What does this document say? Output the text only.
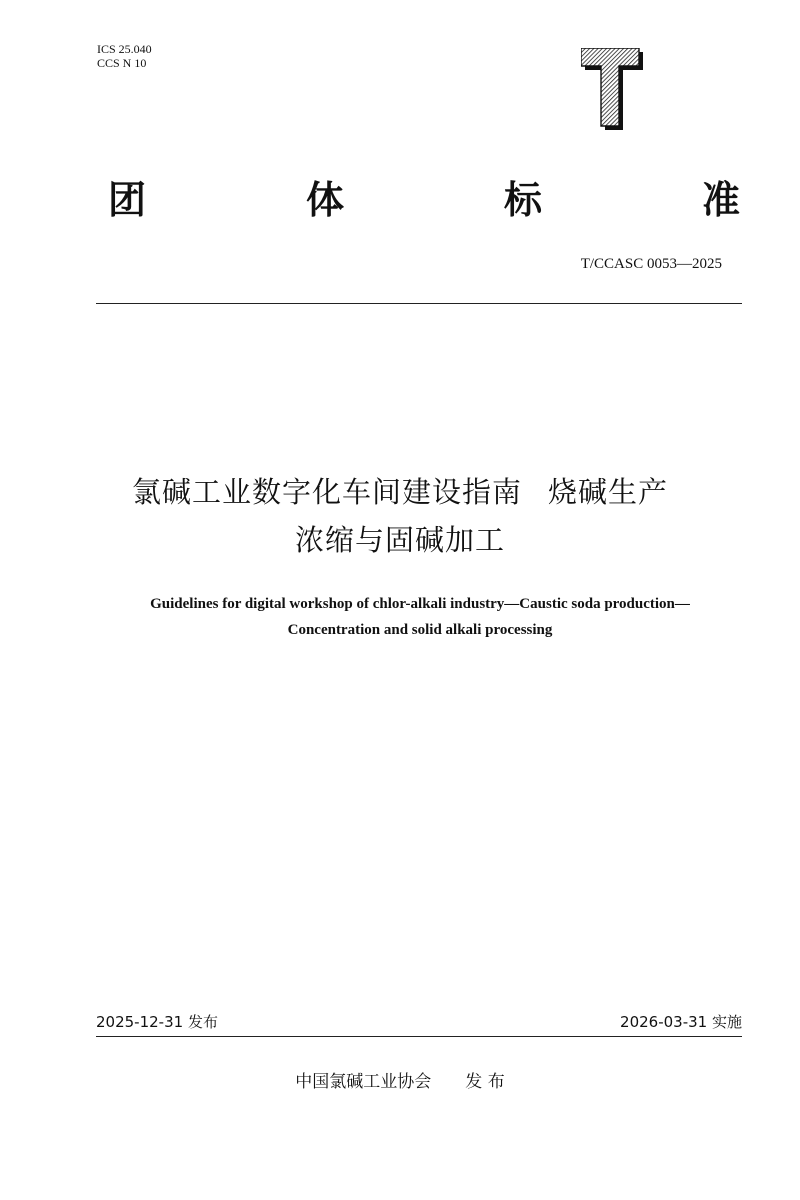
ICS 25.040
CCS N 10
团	体	标	准
T/CCASC 0053—2025
氯碱工业数字化车间建设指南 烧碱生产
浓缩与固碱加工
Guidelines for digital workshop of chlor-alkali industry—Caustic soda production—
Concentration and solid alkali processing
2025-12-31 发布	2026-03-31 实施
中国氯碱工业协会 发 布
